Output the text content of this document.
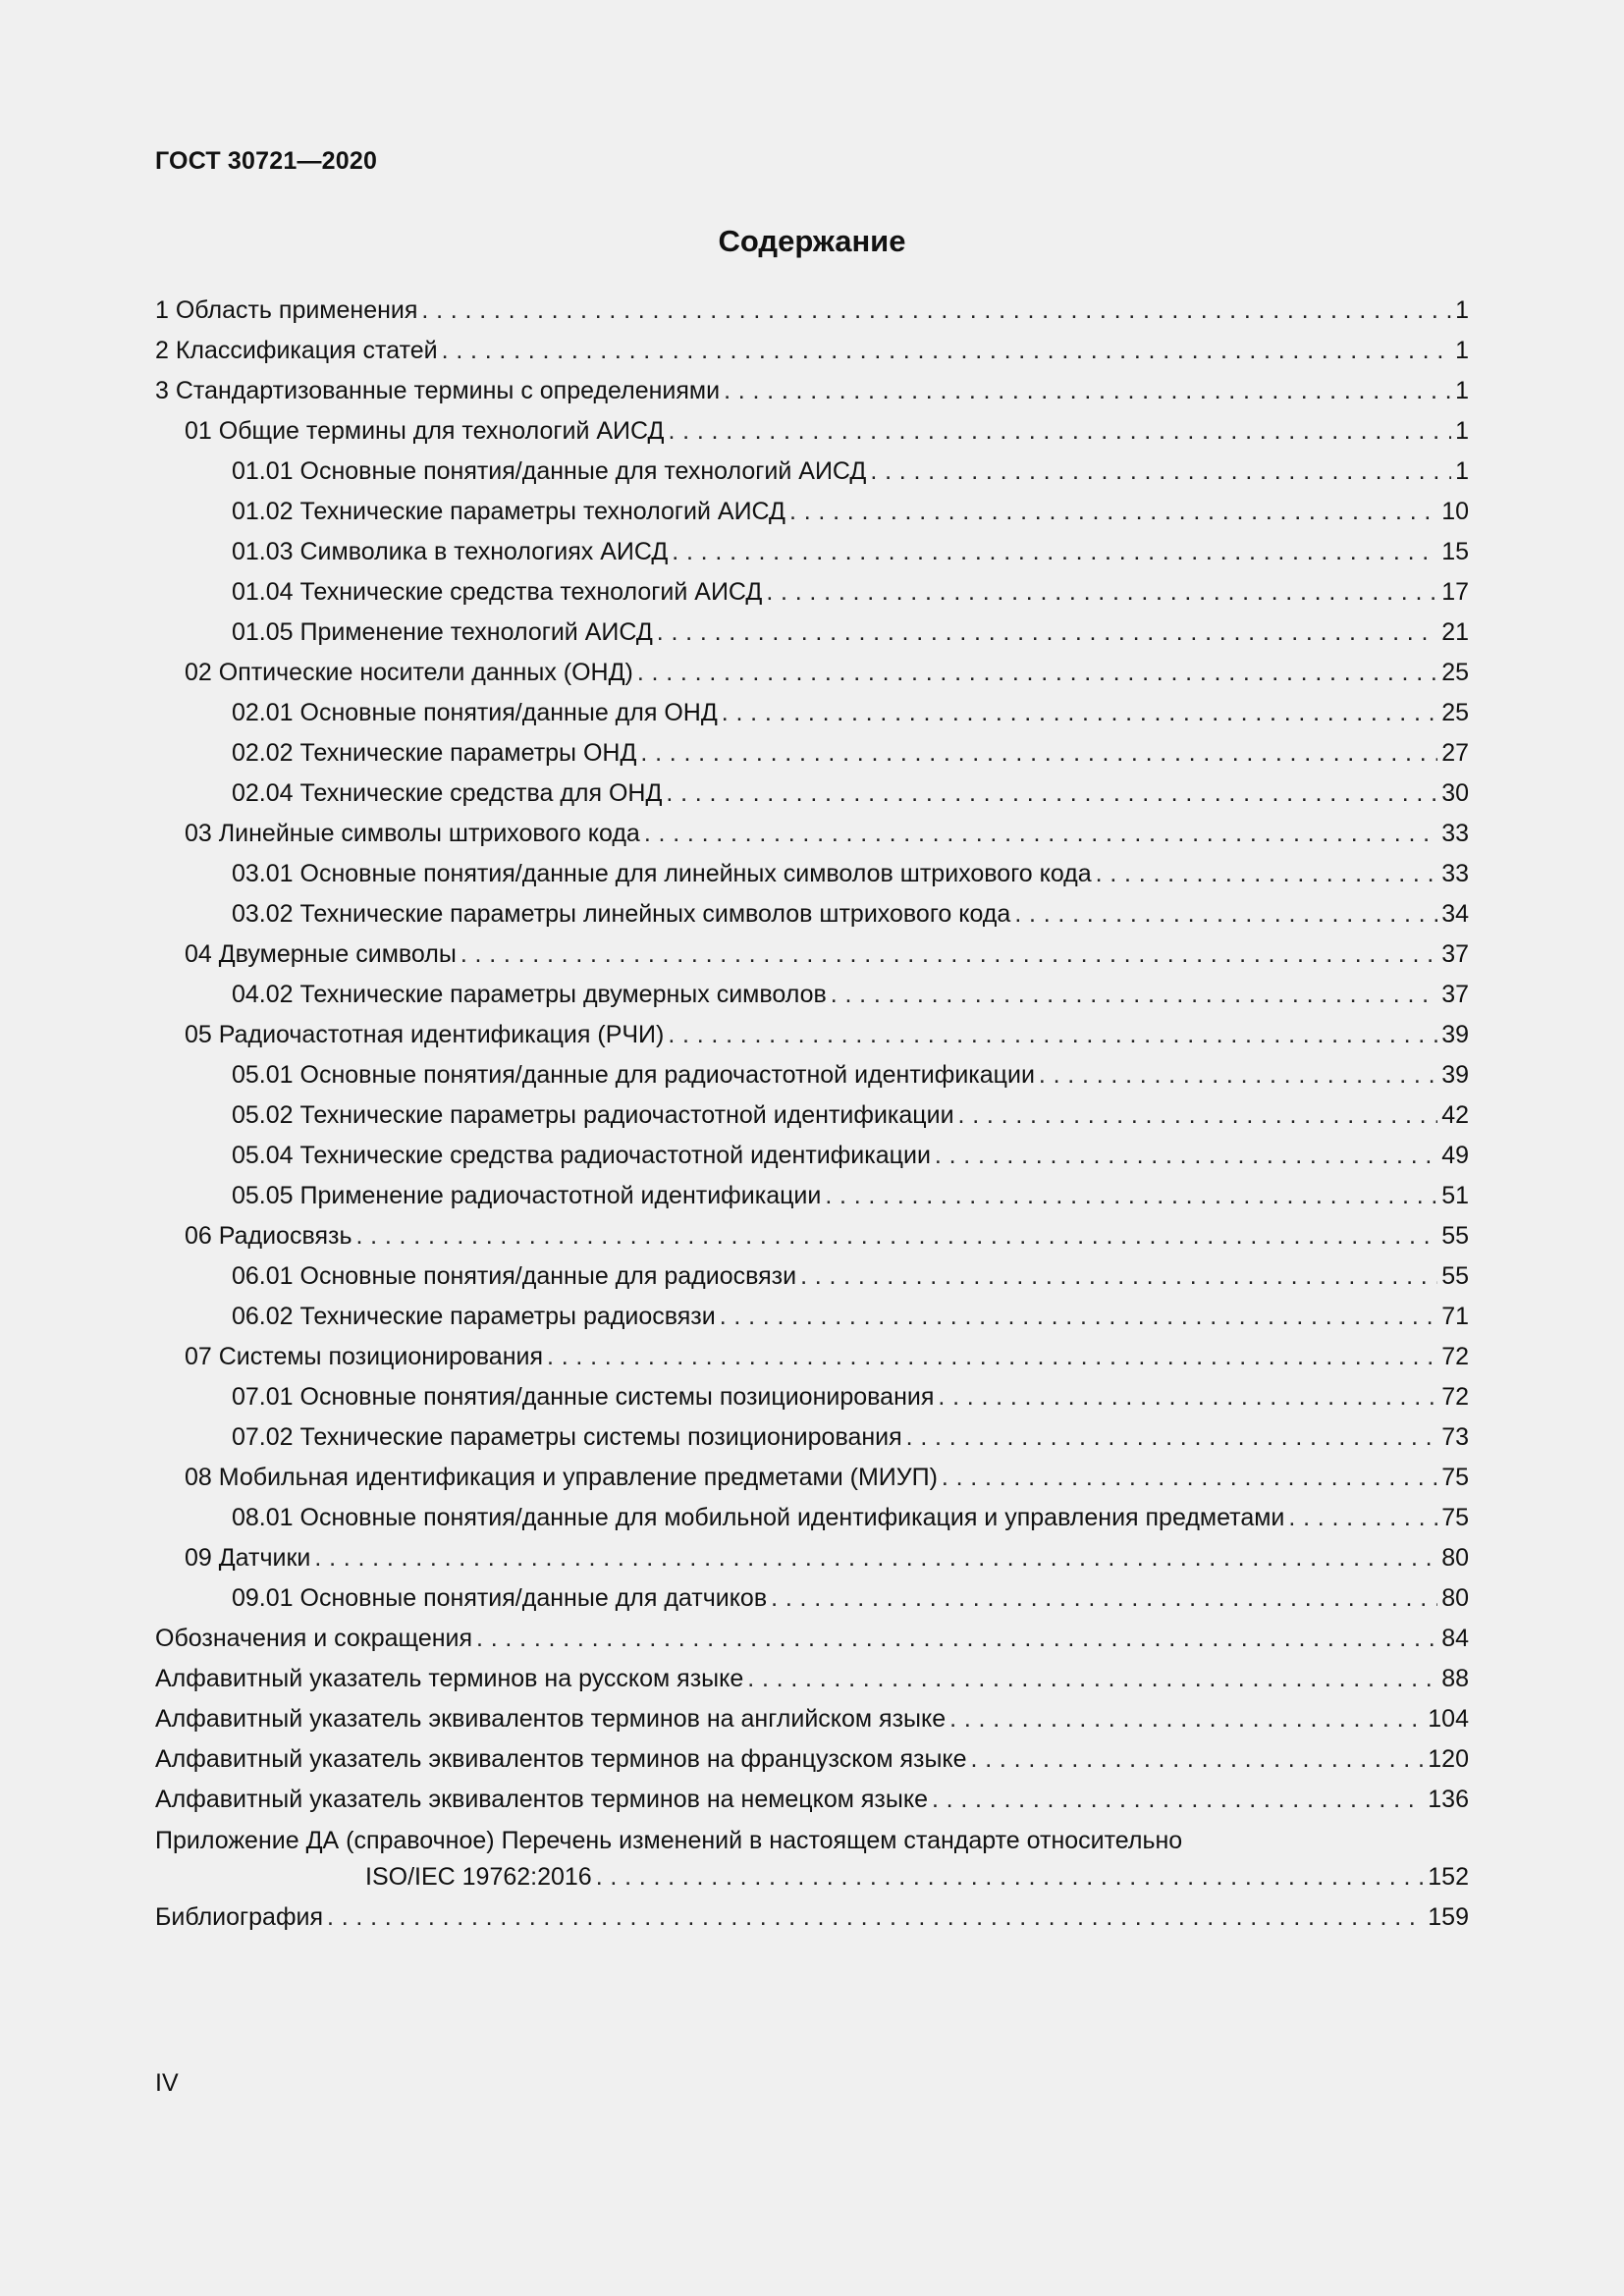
ГОСТ 30721—2020
Содержание
1 Область применения . . .	1
2 Классификация статей . . .	1
3 Стандартизованные термины с определениями . . .	1
01 Общие термины для технологий АИСД . . .	1
01.01 Основные понятия/данные для технологий АИСД . . .	1
01.02 Технические параметры технологий АИСД . . .	10
01.03 Символика в технологиях АИСД . . .	15
01.04 Технические средства технологий АИСД . . .	17
01.05 Применение технологий АИСД . . .	21
02 Оптические носители данных (ОНД) . . .	25
02.01 Основные понятия/данные для ОНД . . .	25
02.02 Технические параметры ОНД . . .	27
02.04 Технические средства для ОНД . . .	30
03 Линейные символы штрихового кода . . .	33
03.01 Основные понятия/данные для линейных символов штрихового кода . . .	33
03.02 Технические параметры линейных символов штрихового кода . . .	34
04 Двумерные символы . . .	37
04.02 Технические параметры двумерных символов . . .	37
05 Радиочастотная идентификация (РЧИ) . . .	39
05.01 Основные понятия/данные для радиочастотной идентификации . . .	39
05.02 Технические параметры радиочастотной идентификации . . .	42
05.04 Технические средства радиочастотной идентификации . . .	49
05.05 Применение радиочастотной идентификации . . .	51
06 Радиосвязь . . .	55
06.01 Основные понятия/данные для радиосвязи . . .	55
06.02 Технические параметры радиосвязи . . .	71
07 Системы позиционирования . . .	72
07.01 Основные понятия/данные системы позиционирования . . .	72
07.02 Технические параметры системы позиционирования . . .	73
08 Мобильная идентификация и управление предметами (МИУП) . . .	75
08.01 Основные понятия/данные для мобильной идентификация и управления предметами . . .	75
09 Датчики . . .	80
09.01 Основные понятия/данные для датчиков . . .	80
Обозначения и сокращения . . .	84
Алфавитный указатель терминов на русском языке . . .	88
Алфавитный указатель эквивалентов терминов на английском языке . . .	104
Алфавитный указатель эквивалентов терминов на французском языке . . .	120
Алфавитный указатель эквивалентов терминов на немецком языке . . .	136
Приложение ДА (справочное) Перечень изменений в настоящем стандарте относительно
ISO/IEC 19762:2016 . . .	152
Библиография . . .	159
IV
